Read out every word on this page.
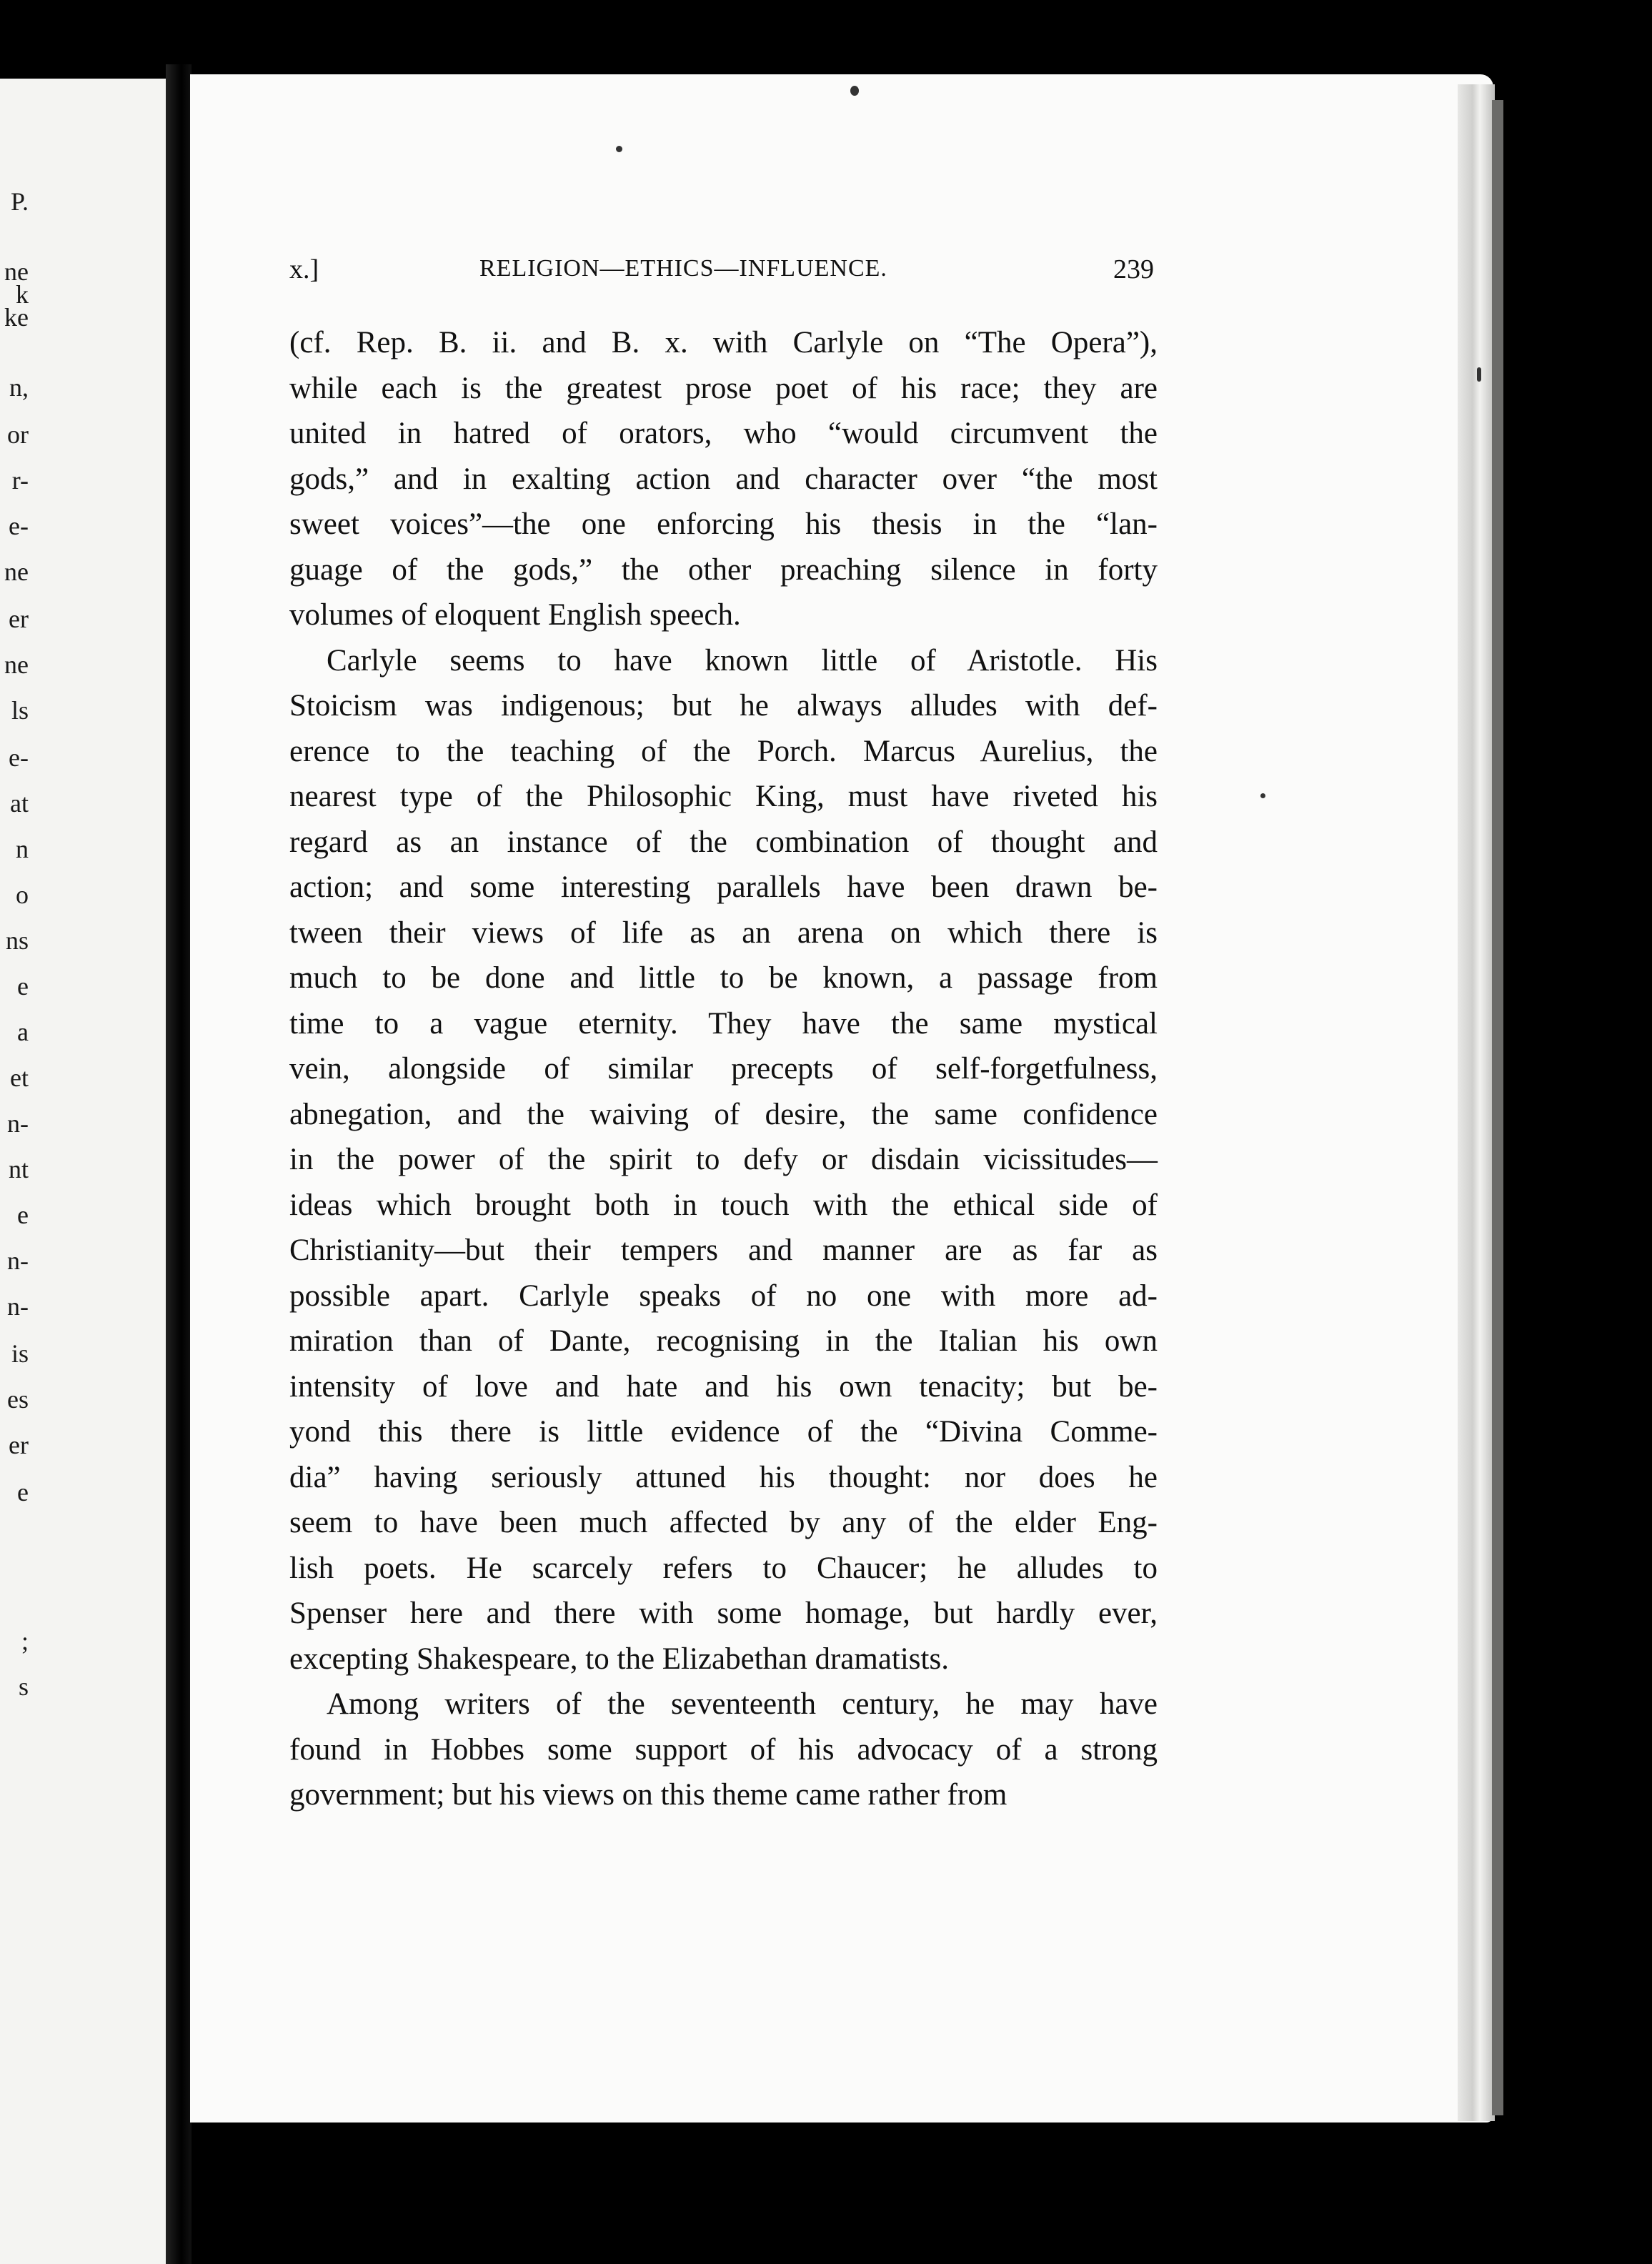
P.
ne
k
ke
n,
or
r-
e-
ne
er
ne
ls
e-
at
n
o
ns
e
a
et
n-
nt
e
n-
n-
is
es
er
e
;
s
x.]	RELIGION—ETHICS—INFLUENCE.	239
(cf. Rep. B. ii. and B. x. with Carlyle on “The Opera”),
while each is the greatest prose poet of his race; they are
united in hatred of orators, who “would circumvent the
gods,” and in exalting action and character over “the most
sweet voices”—the one enforcing his thesis in the “lan-
guage of the gods,” the other preaching silence in forty
volumes of eloquent English speech.
Carlyle seems to have known little of Aristotle. His
Stoicism was indigenous; but he always alludes with def-
erence to the teaching of the Porch. Marcus Aurelius, the
nearest type of the Philosophic King, must have riveted his
regard as an instance of the combination of thought and
action; and some interesting parallels have been drawn be-
tween their views of life as an arena on which there is
much to be done and little to be known, a passage from
time to a vague eternity. They have the same mystical
vein, alongside of similar precepts of self-forgetfulness,
abnegation, and the waiving of desire, the same confidence
in the power of the spirit to defy or disdain vicissitudes—
ideas which brought both in touch with the ethical side of
Christianity—but their tempers and manner are as far as
possible apart. Carlyle speaks of no one with more ad-
miration than of Dante, recognising in the Italian his own
intensity of love and hate and his own tenacity; but be-
yond this there is little evidence of the “Divina Comme-
dia” having seriously attuned his thought: nor does he
seem to have been much affected by any of the elder Eng-
lish poets. He scarcely refers to Chaucer; he alludes to
Spenser here and there with some homage, but hardly ever,
excepting Shakespeare, to the Elizabethan dramatists.
Among writers of the seventeenth century, he may have
found in Hobbes some support of his advocacy of a strong
government; but his views on this theme came rather from
